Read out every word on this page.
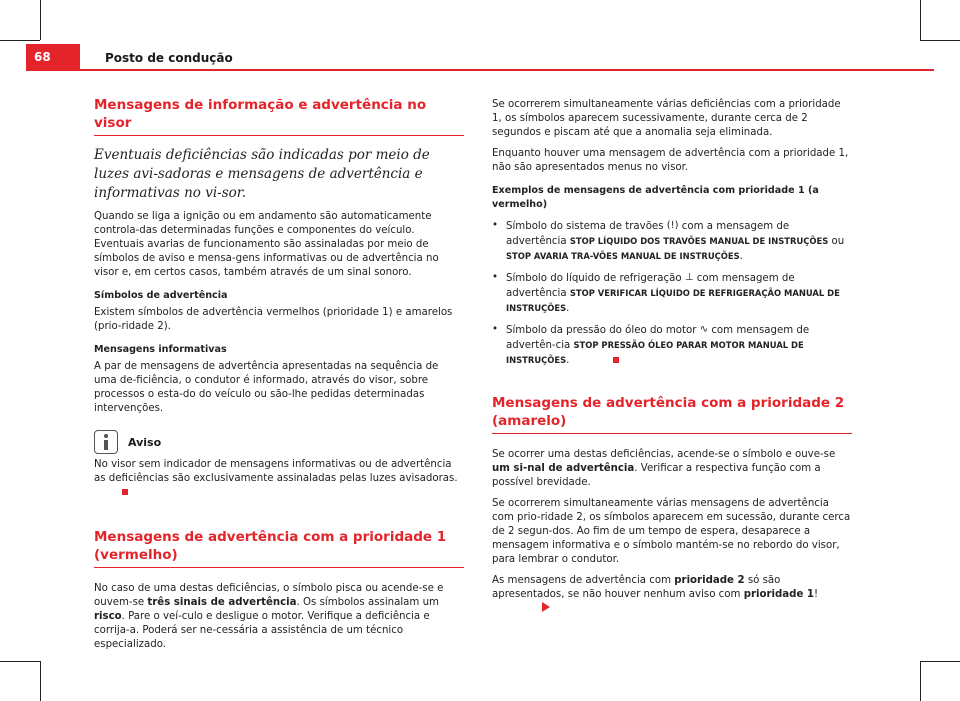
68	Posto de condução
Mensagens de informação e advertência no visor
Eventuais deficiências são indicadas por meio de luzes avi-sadoras e mensagens de advertência e informativas no vi-sor.

Quando se liga a ignição ou em andamento são automaticamente controla-das determinadas funções e componentes do veículo. Eventuais avarias de funcionamento são assinaladas por meio de símbolos de aviso e mensa-gens informativas ou de advertência no visor e, em certos casos, também através de um sinal sonoro.

Símbolos de advertência

Existem símbolos de advertência vermelhos (prioridade 1) e amarelos (prio-ridade 2).

Mensagens informativas

A par de mensagens de advertência apresentadas na sequência de uma de-ficiência, o condutor é informado, através do visor, sobre processos o esta-do do veículo ou são-lhe pedidas determinadas intervenções.

Aviso

No visor sem indicador de mensagens informativas ou de advertência as deficiências são exclusivamente assinaladas pelas luzes avisadoras.

Mensagens de advertência com a prioridade 1 (vermelho)

No caso de uma destas deficiências, o símbolo pisca ou acende-se e ouvem-se três sinais de advertência. Os símbolos assinalam um risco. Pare o veí-culo e desligue o motor. Verifique a deficiência e corrija-a. Poderá ser ne-cessária a assistência de um técnico especializado.

Se ocorrerem simultaneamente várias deficiências com a prioridade 1, os símbolos aparecem sucessivamente, durante cerca de 2 segundos e piscam até que a anomalia seja eliminada.

Enquanto houver uma mensagem de advertência com a prioridade 1, não são apresentados menus no visor.

Exemplos de mensagens de advertência com prioridade 1 (a vermelho)
• Símbolo do sistema de travões (!) com a mensagem de advertência STOP LÍQUIDO DOS TRAVÕES MANUAL DE INSTRUÇÕES ou STOP AVARIA TRA-VÕES MANUAL DE INSTRUÇÕES.
• Símbolo do líquido de refrigeração ⊥ com mensagem de advertência STOP VERIFICAR LÍQUIDO DE REFRIGERAÇÃO MANUAL DE INSTRUÇÕES.
• Símbolo da pressão do óleo do motor ∿ com mensagem de advertên-cia STOP PRESSÃO ÓLEO PARAR MOTOR MANUAL DE INSTRUÇÕES.
Mensagens de advertência com a prioridade 2 (amarelo)

Se ocorrer uma destas deficiências, acende-se o símbolo e ouve-se um si-nal de advertência. Verificar a respectiva função com a possível brevidade.

Se ocorrerem simultaneamente várias mensagens de advertência com prio-ridade 2, os símbolos aparecem em sucessão, durante cerca de 2 segun-dos. Ao fim de um tempo de espera, desaparece a mensagem informativa e o símbolo mantém-se no rebordo do visor, para lembrar o condutor.

As mensagens de advertência com prioridade 2 só são apresentados, se não houver nenhum aviso com prioridade 1!
